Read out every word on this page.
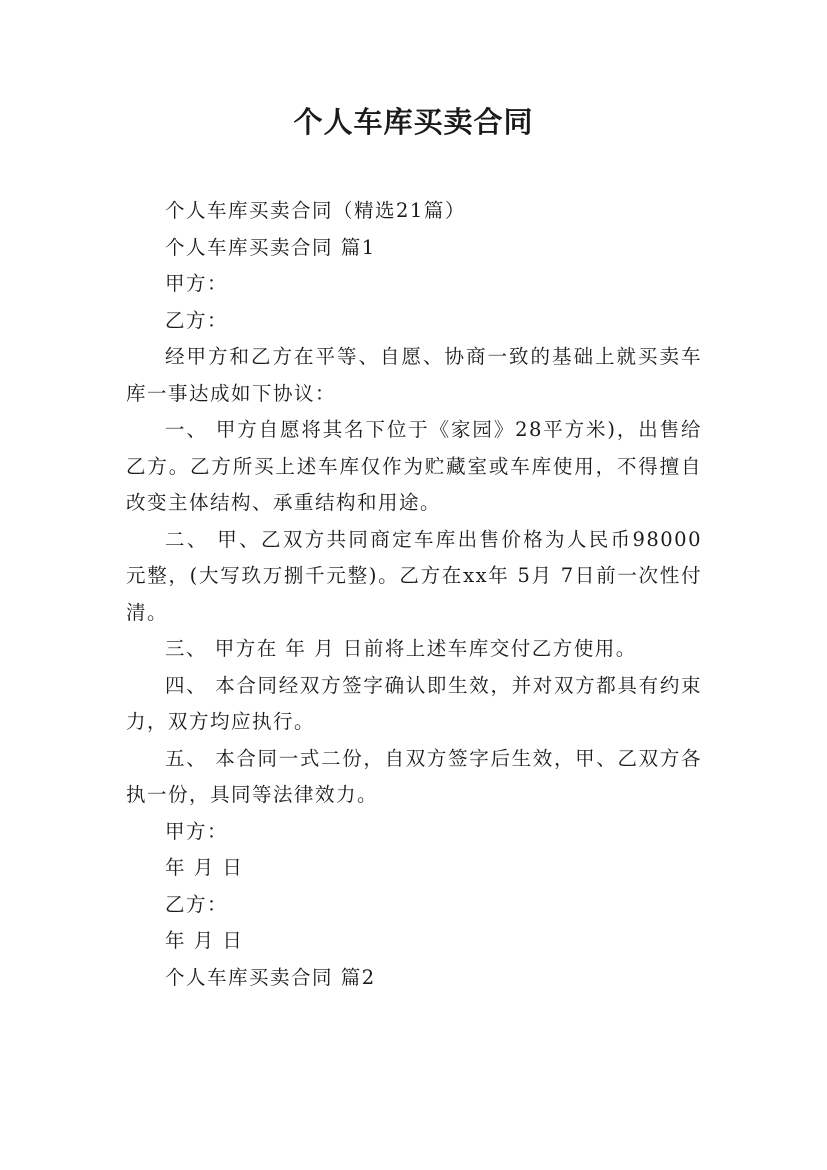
个人车库买卖合同

个人车库买卖合同（精选21篇）

个人车库买卖合同 篇1

甲方：

乙方：

经甲方和乙方在平等、自愿、协商一致的基础上就买卖车库一事达成如下协议：

一、 甲方自愿将其名下位于《家园》28平方米)，出售给乙方。乙方所买上述车库仅作为贮藏室或车库使用，不得擅自改变主体结构、承重结构和用途。

二、 甲、乙双方共同商定车库出售价格为人民币98000元整，(大写玖万捌千元整)。乙方在xx年 5月 7日前一次性付清。

三、 甲方在 年 月 日前将上述车库交付乙方使用。

四、 本合同经双方签字确认即生效，并对双方都具有约束力，双方均应执行。

五、 本合同一式二份，自双方签字后生效，甲、乙双方各执一份，具同等法律效力。

甲方：

年 月 日

乙方：

年 月 日

个人车库买卖合同 篇2
